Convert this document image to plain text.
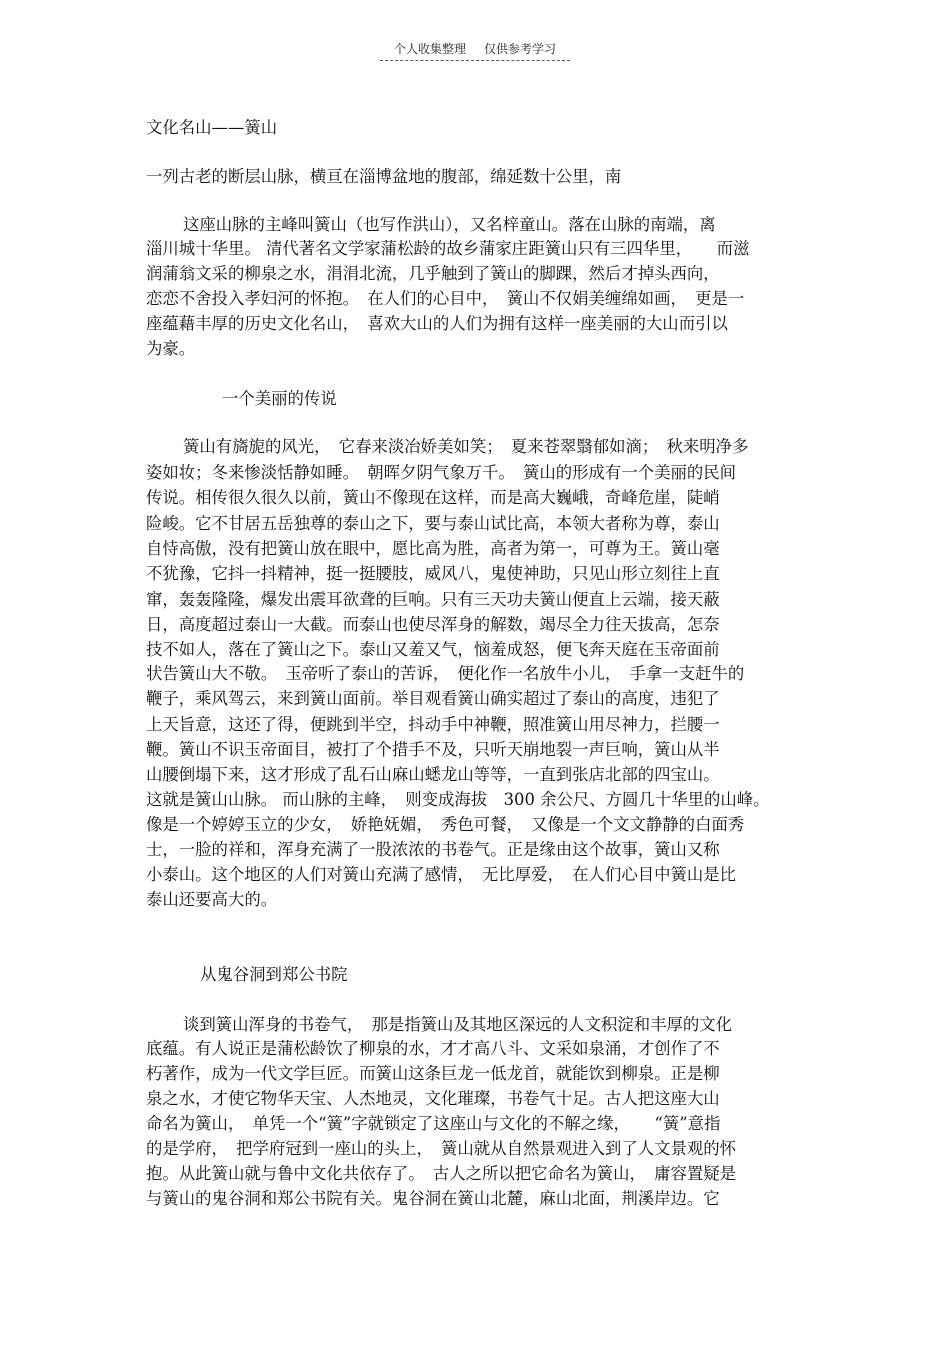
个人收集整理 仅供参考学习
文化名山——簧山
一列古老的断层山脉，横亘在淄博盆地的腹部，绵延数十公里，南
这座山脉的主峰叫簧山（也写作洪山），又名梓童山。落在山脉的南端，离
淄川城十华里。 清代著名文学家蒲松龄的故乡蒲家庄距簧山只有三四华里，　　而滋
润蒲翁文采的柳泉之水，涓涓北流，几乎触到了簧山的脚踝，然后才掉头西向，
恋恋不舍投入孝妇河的怀抱。　在人们的心目中，　簧山不仅娟美缠绵如画，　更是一
座蕴藉丰厚的历史文化名山，　喜欢大山的人们为拥有这样一座美丽的大山而引以
为豪。
一个美丽的传说
簧山有旖旎的风光，　它春来淡冶娇美如笑；　夏来苍翠翳郁如滴；　秋来明净多
姿如妆；冬来惨淡恬静如睡。　朝晖夕阴气象万千。　簧山的形成有一个美丽的民间
传说。相传很久很久以前，簧山不像现在这样，而是高大巍峨，奇峰危崖，陡峭
险峻。它不甘居五岳独尊的泰山之下，要与泰山试比高，本领大者称为尊，泰山
自恃高傲，没有把簧山放在眼中，愿比高为胜，高者为第一，可尊为王。簧山毫
不犹豫，它抖一抖精神，挺一挺腰肢，威风八，鬼使神助，只见山形立刻往上直
窜，轰轰隆隆，爆发出震耳欲聋的巨响。只有三天功夫簧山便直上云端，接天蔽
日，高度超过泰山一大截。而泰山也使尽浑身的解数，竭尽全力往天拔高，怎奈
技不如人，落在了簧山之下。泰山又羞又气，恼羞成怒，便飞奔天庭在玉帝面前
状告簧山大不敬。　玉帝听了泰山的苦诉，　便化作一名放牛小儿，　手拿一支赶牛的
鞭子，乘风驾云，来到簧山面前。举目观看簧山确实超过了泰山的高度，违犯了
上天旨意，这还了得，便跳到半空，抖动手中神鞭，照准簧山用尽神力，拦腰一
鞭。簧山不识玉帝面目，被打了个措手不及，只听天崩地裂一声巨响，簧山从半
山腰倒塌下来，这才形成了乱石山麻山蟋龙山等等，一直到张店北部的四宝山。
这就是簧山山脉。 而山脉的主峰，　则变成海拔　300 余公尺、方圆几十华里的山峰。
像是一个婷婷玉立的少女，　娇艳妩媚，　秀色可餐，　又像是一个文文静静的白面秀
士，一脸的祥和，浑身充满了一股浓浓的书卷气。正是缘由这个故事，簧山又称
小泰山。这个地区的人们对簧山充满了感情，　无比厚爱，　在人们心目中簧山是比
泰山还要高大的。
从鬼谷洞到郑公书院
谈到簧山浑身的书卷气，　那是指簧山及其地区深远的人文积淀和丰厚的文化
底蕴。有人说正是蒲松龄饮了柳泉的水，才才高八斗、文采如泉涌，才创作了不
朽著作，成为一代文学巨匠。而簧山这条巨龙一低龙首，就能饮到柳泉。正是柳
泉之水，才使它物华天宝、人杰地灵，文化璀璨，书卷气十足。古人把这座大山
命名为簧山，　单凭一个“簧”字就锁定了这座山与文化的不解之缘，　　“簧”意指
的是学府，　把学府冠到一座山的头上，　簧山就从自然景观进入到了人文景观的怀
抱。从此簧山就与鲁中文化共依存了。　古人之所以把它命名为簧山，　庸容置疑是
与簧山的鬼谷洞和郑公书院有关。鬼谷洞在簧山北麓，麻山北面，荆溪岸边。它
